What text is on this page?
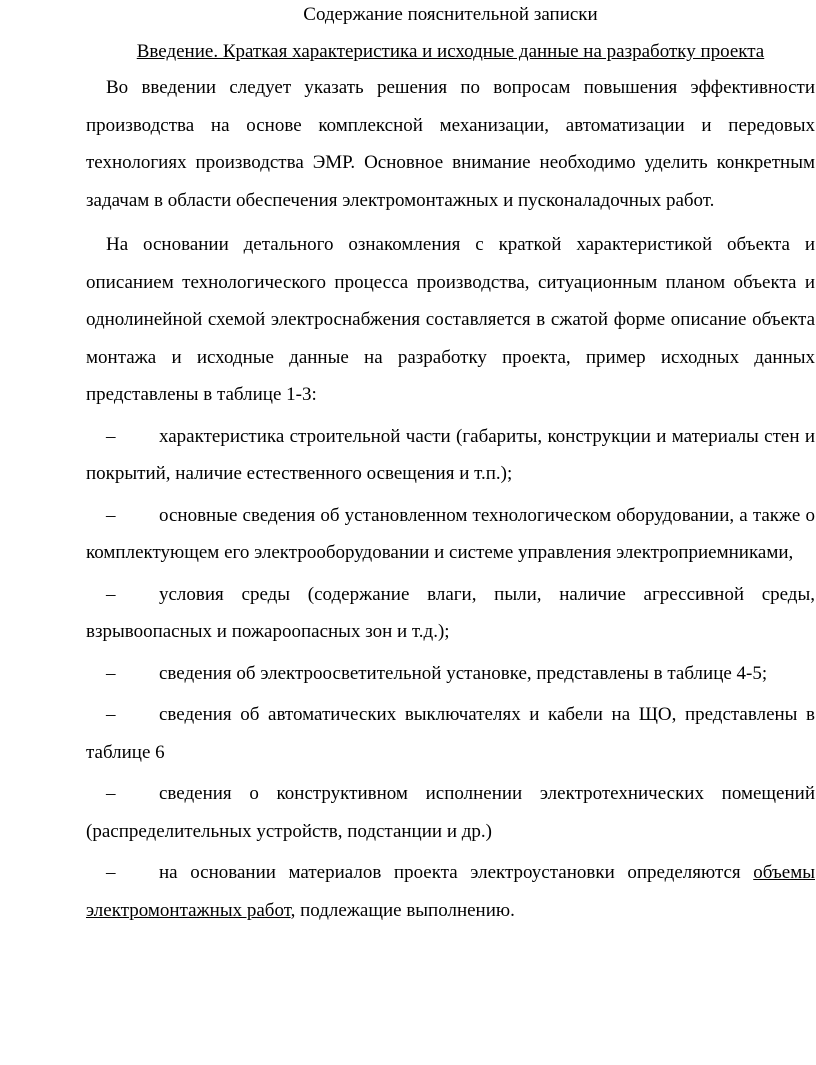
Содержание пояснительной записки
Введение. Краткая характеристика и исходные данные на разработку проекта

Во введении следует указать решения по вопросам повышения эффективности производства на основе комплексной механизации, автоматизации и передовых технологиях производства ЭМР. Основное внимание необходимо уделить конкретным задачам в области обеспечения электромонтажных и пусконаладочных работ.

На основании детального ознакомления с краткой характеристикой объекта и описанием технологического процесса производства, ситуационным планом объекта и однолинейной схемой электроснабжения составляется в сжатой форме описание объекта монтажа и исходные данные на разработку проекта, пример исходных данных представлены в таблице 1-3:

– характеристика строительной части (габариты, конструкции и материалы стен и покрытий, наличие естественного освещения и т.п.);

– основные сведения об установленном технологическом оборудовании, а также о комплектующем его электрооборудовании и системе управления электроприемниками,

– условия среды (содержание влаги, пыли, наличие агрессивной среды, взрывоопасных и пожароопасных зон и т.д.);

– сведения об электроосветительной установке, представлены в таблице 4-5;

– сведения об автоматических выключателях и кабели на ЩО, представлены в таблице 6

– сведения о конструктивном исполнении электротехнических помещений (распределительных устройств, подстанции и др.)

– на основании материалов проекта электроустановки определяются объемы электромонтажных работ, подлежащие выполнению.
